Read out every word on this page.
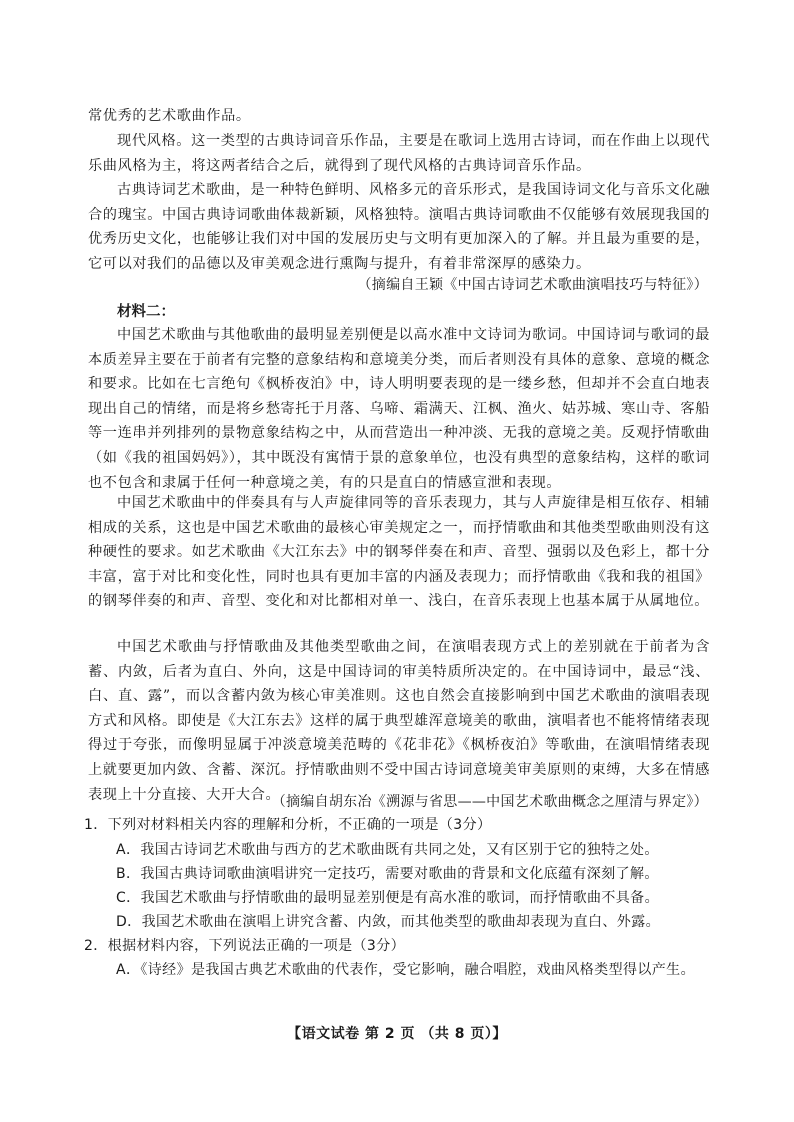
常优秀的艺术歌曲作品。

现代风格。这一类型的古典诗词音乐作品，主要是在歌词上选用古诗词，而在作曲上以现代乐曲风格为主，将这两者结合之后，就得到了现代风格的古典诗词音乐作品。

古典诗词艺术歌曲，是一种特色鲜明、风格多元的音乐形式，是我国诗词文化与音乐文化融合的瑰宝。中国古典诗词歌曲体裁新颖，风格独特。演唱古典诗词歌曲不仅能够有效展现我国的优秀历史文化，也能够让我们对中国的发展历史与文明有更加深入的了解。并且最为重要的是，它可以对我们的品德以及审美观念进行熏陶与提升，有着非常深厚的感染力。

（摘编自王颖《中国古诗词艺术歌曲演唱技巧与特征》）
材料二：

中国艺术歌曲与其他歌曲的最明显差别便是以高水准中文诗词为歌词。中国诗词与歌词的最本质差异主要在于前者有完整的意象结构和意境美分类，而后者则没有具体的意象、意境的概念和要求。比如在七言绝句《枫桥夜泊》中，诗人明明要表现的是一缕乡愁，但却并不会直白地表现出自己的情绪，而是将乡愁寄托于月落、乌啼、霜满天、江枫、渔火、姑苏城、寒山寺、客船等一连串并列排列的景物意象结构之中，从而营造出一种冲淡、无我的意境之美。反观抒情歌曲（如《我的祖国妈妈》），其中既没有寓情于景的意象单位，也没有典型的意象结构，这样的歌词也不包含和隶属于任何一种意境之美，有的只是直白的情感宣泄和表现。

中国艺术歌曲中的伴奏具有与人声旋律同等的音乐表现力，其与人声旋律是相互依存、相辅相成的关系，这也是中国艺术歌曲的最核心审美规定之一，而抒情歌曲和其他类型歌曲则没有这种硬性的要求。如艺术歌曲《大江东去》中的钢琴伴奏在和声、音型、强弱以及色彩上，都十分丰富，富于对比和变化性，同时也具有更加丰富的内涵及表现力；而抒情歌曲《我和我的祖国》的钢琴伴奏的和声、音型、变化和对比都相对单一、浅白，在音乐表现上也基本属于从属地位。

中国艺术歌曲与抒情歌曲及其他类型歌曲之间，在演唱表现方式上的差别就在于前者为含蓄、内敛，后者为直白、外向，这是中国诗词的审美特质所决定的。在中国诗词中，最忌“浅、白、直、露”，而以含蓄内敛为核心审美准则。这也自然会直接影响到中国艺术歌曲的演唱表现方式和风格。即使是《大江东去》这样的属于典型雄浑意境美的歌曲，演唱者也不能将情绪表现得过于夸张，而像明显属于冲淡意境美范畴的《花非花》《枫桥夜泊》等歌曲，在演唱情绪表现上就要更加内敛、含蓄、深沉。抒情歌曲则不受中国古诗词意境美审美原则的束缚，大多在情感表现上十分直接、大开大合。

（摘编自胡东冶《溯源与省思——中国艺术歌曲概念之厘清与界定》）

1．下列对材料相关内容的理解和分析，不正确的一项是（3分）

A．我国古诗词艺术歌曲与西方的艺术歌曲既有共同之处，又有区别于它的独特之处。

B．我国古典诗词歌曲演唱讲究一定技巧，需要对歌曲的背景和文化底蕴有深刻了解。

C．我国艺术歌曲与抒情歌曲的最明显差别便是有高水准的歌词，而抒情歌曲不具备。

D．我国艺术歌曲在演唱上讲究含蓄、内敛，而其他类型的歌曲却表现为直白、外露。

2．根据材料内容，下列说法正确的一项是（3分）

A．《诗经》是我国古典艺术歌曲的代表作，受它影响，融合唱腔，戏曲风格类型得以产生。

【语文试卷 第 2 页 （共 8 页）】
